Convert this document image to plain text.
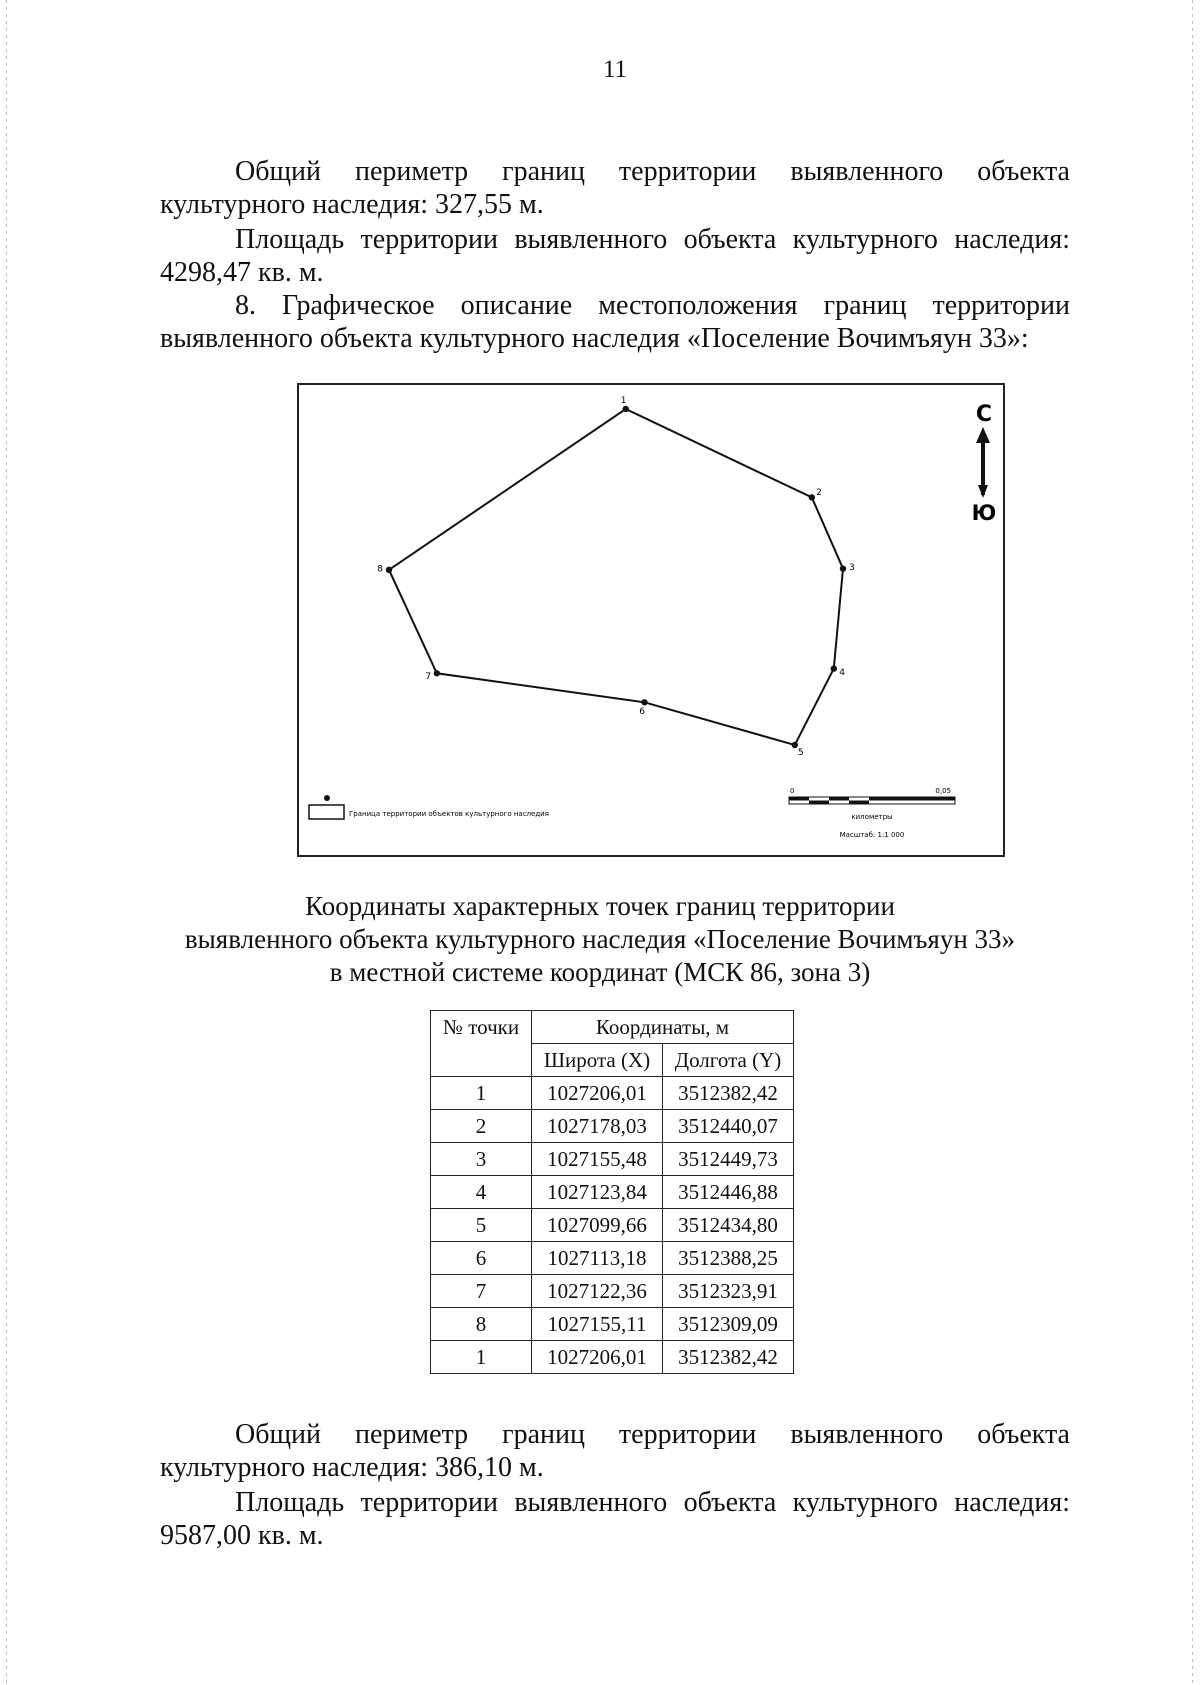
11
Общий периметр границ территории выявленного объекта
культурного наследия: 327,55 м.
Площадь территории выявленного объекта культурного наследия:
4298,47 кв. м.
8. Графическое описание местоположения границ территории
выявленного объекта культурного наследия «Поселение Вочимъяун 33»:
1
2
3
4
5
6
7
8
С
Ю
Граница территории объектов культурного наследия
0	0,05
километры
Масштаб: 1:1 000
Координаты характерных точек границ территории
выявленного объекта культурного наследия «Поселение Вочимъяун 33»
в местной системе координат (МСК 86, зона 3)
№ точки	Координаты, м	
	Широта (X)	Долгота (Y)
1	1027206,01	3512382,42
2	1027178,03	3512440,07
3	1027155,48	3512449,73
4	1027123,84	3512446,88
5	1027099,66	3512434,80
6	1027113,18	3512388,25
7	1027122,36	3512323,91
8	1027155,11	3512309,09
1	1027206,01	3512382,42
Общий периметр границ территории выявленного объекта
культурного наследия: 386,10 м.
Площадь территории выявленного объекта культурного наследия:
9587,00 кв. м.
